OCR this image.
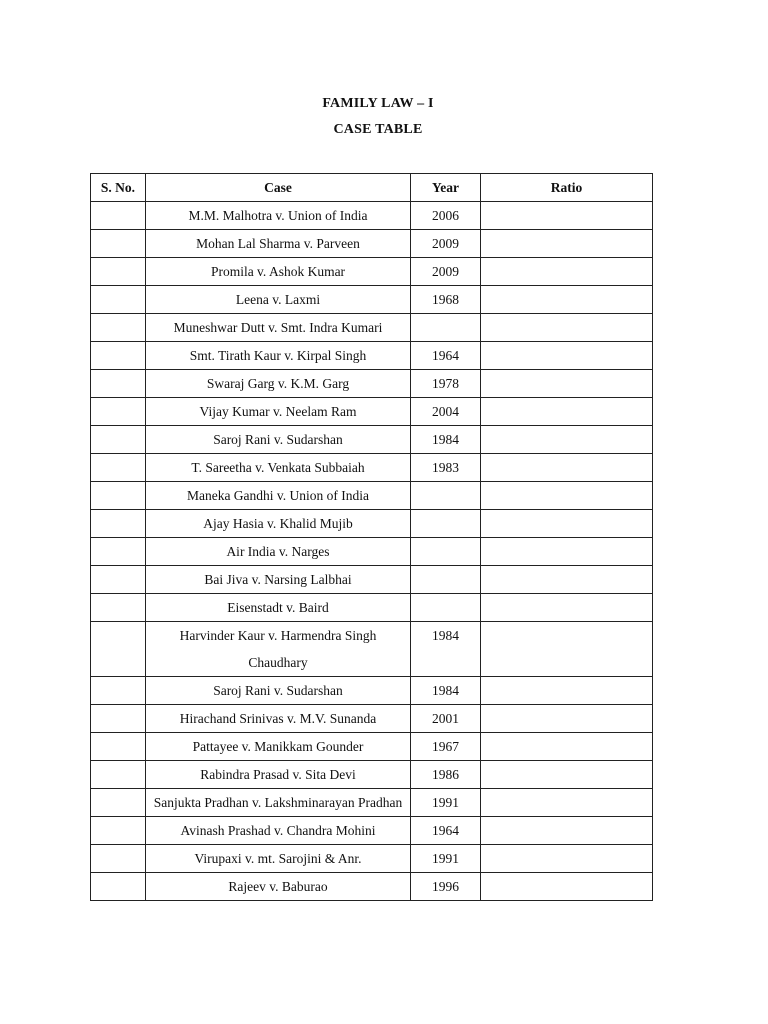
FAMILY LAW – I
CASE TABLE
S. No.	Case	Year	Ratio
	M.M. Malhotra v. Union of India	2006	
	Mohan Lal Sharma v. Parveen	2009	
	Promila v. Ashok Kumar	2009	
	Leena v. Laxmi	1968	
	Muneshwar Dutt v. Smt. Indra Kumari		
	Smt. Tirath Kaur v. Kirpal Singh	1964	
	Swaraj Garg v. K.M. Garg	1978	
	Vijay Kumar v. Neelam Ram	2004	
	Saroj Rani v. Sudarshan	1984	
	T. Sareetha v. Venkata Subbaiah	1983	
	Maneka Gandhi v. Union of India		
	Ajay Hasia v. Khalid Mujib		
	Air India v. Narges		
	Bai Jiva v. Narsing Lalbhai		
	Eisenstadt v. Baird		
	Harvinder Kaur v. Harmendra Singh Chaudhary	1984	
	Saroj Rani v. Sudarshan	1984	
	Hirachand Srinivas v. M.V. Sunanda	2001	
	Pattayee v. Manikkam Gounder	1967	
	Rabindra Prasad v. Sita Devi	1986	
	Sanjukta Pradhan v. Lakshminarayan Pradhan	1991	
	Avinash Prashad v. Chandra Mohini	1964	
	Virupaxi v. mt. Sarojini & Anr.	1991	
	Rajeev v. Baburao	1996	
